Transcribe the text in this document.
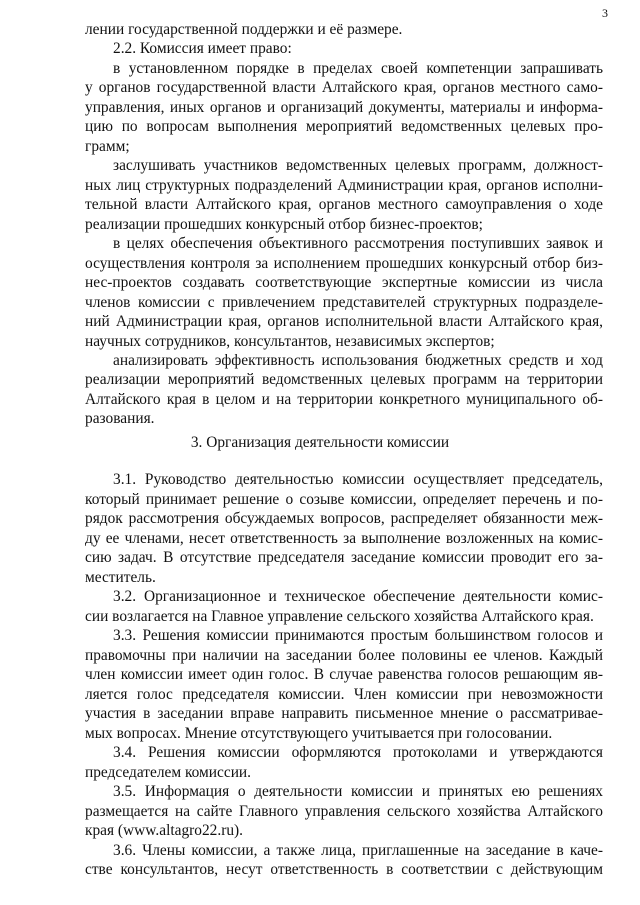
3
3. Организация деятельности комиссии
лении государственной поддержки и её размере.
2.2. Комиссия имеет право:
в установленном порядке в пределах своей компетенции запрашивать
у органов государственной власти Алтайского края, органов местного само-
управления, иных органов и организаций документы, материалы и информа-
цию по вопросам выполнения мероприятий ведомственных целевых про-
грамм;
заслушивать участников ведомственных целевых программ, должност-
ных лиц структурных подразделений Администрации края, органов исполни-
тельной власти Алтайского края, органов местного самоуправления о ходе
реализации прошедших конкурсный отбор бизнес-проектов;
в целях обеспечения объективного рассмотрения поступивших заявок и
осуществления контроля за исполнением прошедших конкурсный отбор биз-
нес-проектов создавать соответствующие экспертные комиссии из числа
членов комиссии с привлечением представителей структурных подразделе-
ний Администрации края, органов исполнительной власти Алтайского края,
научных сотрудников, консультантов, независимых экспертов;
анализировать эффективность использования бюджетных средств и ход
реализации мероприятий ведомственных целевых программ на территории
Алтайского края в целом и на территории конкретного муниципального об-
разования.
3.1. Руководство деятельностью комиссии осуществляет председатель,
который принимает решение о созыве комиссии, определяет перечень и по-
рядок рассмотрения обсуждаемых вопросов, распределяет обязанности меж-
ду ее членами, несет ответственность за выполнение возложенных на комис-
сию задач. В отсутствие председателя заседание комиссии проводит его за-
меститель.
3.2. Организационное и техническое обеспечение деятельности комис-
сии возлагается на Главное управление сельского хозяйства Алтайского края.
3.3. Решения комиссии принимаются простым большинством голосов и
правомочны при наличии на заседании более половины ее членов. Каждый
член комиссии имеет один голос. В случае равенства голосов решающим яв-
ляется голос председателя комиссии. Член комиссии при невозможности
участия в заседании вправе направить письменное мнение о рассматривае-
мых вопросах. Мнение отсутствующего учитывается при голосовании.
3.4. Решения комиссии оформляются протоколами и утверждаются
председателем комиссии.
3.5. Информация о деятельности комиссии и принятых ею решениях
размещается на сайте Главного управления сельского хозяйства Алтайского
края (www.altagro22.ru).
3.6. Члены комиссии, а также лица, приглашенные на заседание в каче-
стве консультантов, несут ответственность в соответствии с действующим
